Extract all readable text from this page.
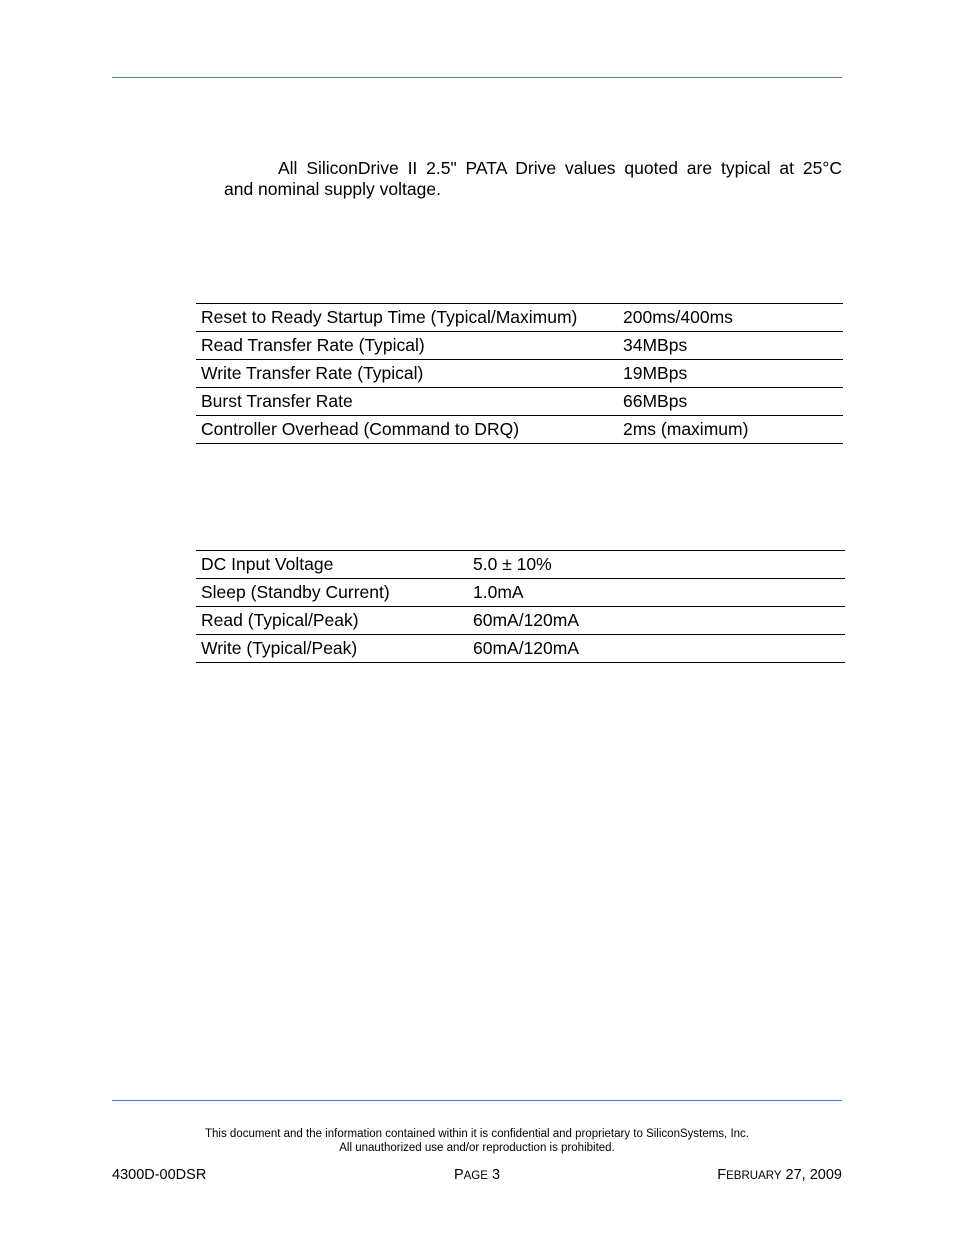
All SiliconDrive II 2.5" PATA Drive values quoted are typical at 25°C
and nominal supply voltage.
Reset to Ready Startup Time (Typical/Maximum)	200ms/400ms
Read Transfer Rate (Typical)	34MBps
Write Transfer Rate (Typical)	19MBps
Burst Transfer Rate	66MBps
Controller Overhead (Command to DRQ)	2ms (maximum)
DC Input Voltage	5.0 ± 10%
Sleep (Standby Current)	1.0mA
Read (Typical/Peak)	60mA/120mA
Write (Typical/Peak)	60mA/120mA
This document and the information contained within it is confidential and proprietary to SiliconSystems, Inc.
All unauthorized use and/or reproduction is prohibited.
4300D-00DSR	PAGE 3	FEBRUARY 27, 2009
